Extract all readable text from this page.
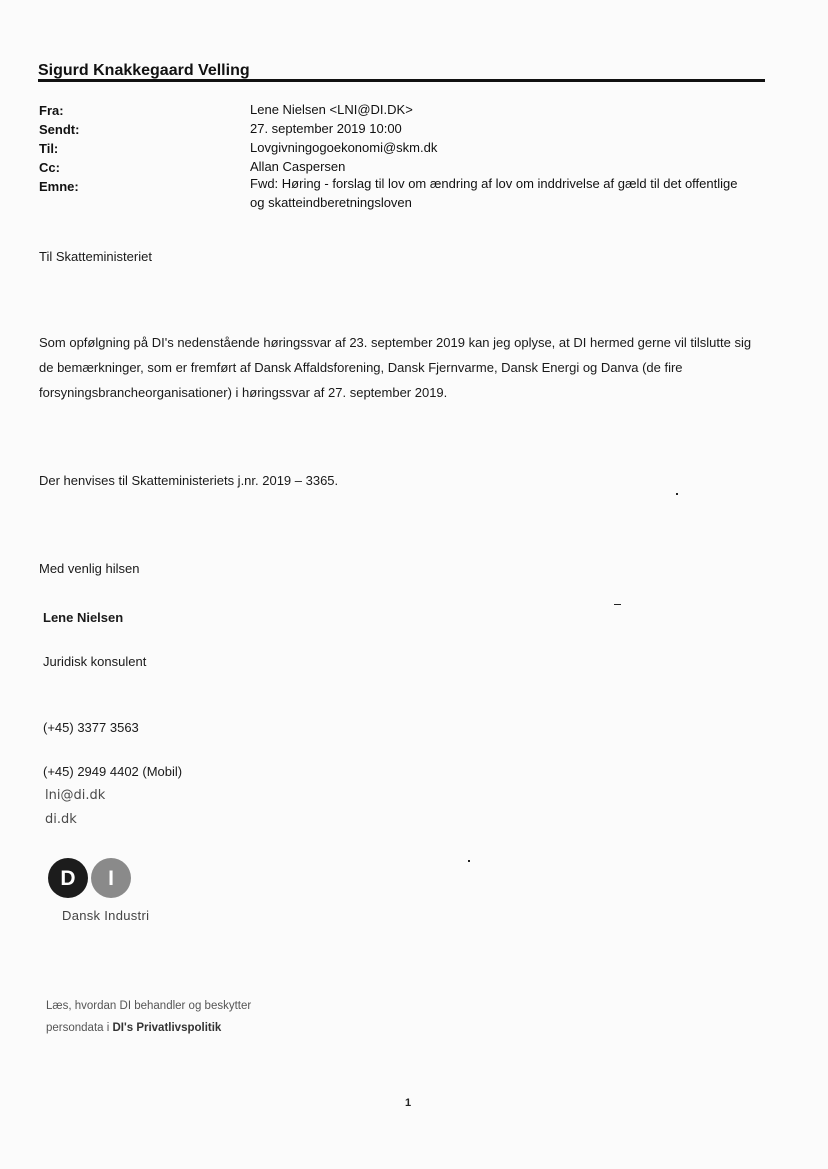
Sigurd Knakkegaard Velling
Fra:	Lene Nielsen <LNI@DI.DK>
Sendt:	27. september 2019 10:00
Til:	Lovgivningogoekonomi@skm.dk
Cc:	Allan Caspersen
Emne:	Fwd: Høring - forslag til lov om ændring af lov om inddrivelse af gæld til det offentlige og skatteindberetningsloven
Til Skatteministeriet
Som opfølgning på DI's nedenstående høringssvar af 23. september 2019 kan jeg oplyse, at DI hermed gerne vil tilslutte sig de bemærkninger, som er fremført af Dansk Affaldsforening, Dansk Fjernvarme, Dansk Energi og Danva (de fire forsyningsbrancheorganisationer) i høringssvar af 27. september 2019.
Der henvises til Skatteministeriets j.nr. 2019 – 3365.
Med venlig hilsen
Lene Nielsen
Juridisk konsulent
(+45) 3377 3563
(+45) 2949 4402 (Mobil)
lni@di.dk
di.dk
D I
Dansk Industri
Læs, hvordan DI behandler og beskytter
persondata i DI's Privatlivspolitik
1
